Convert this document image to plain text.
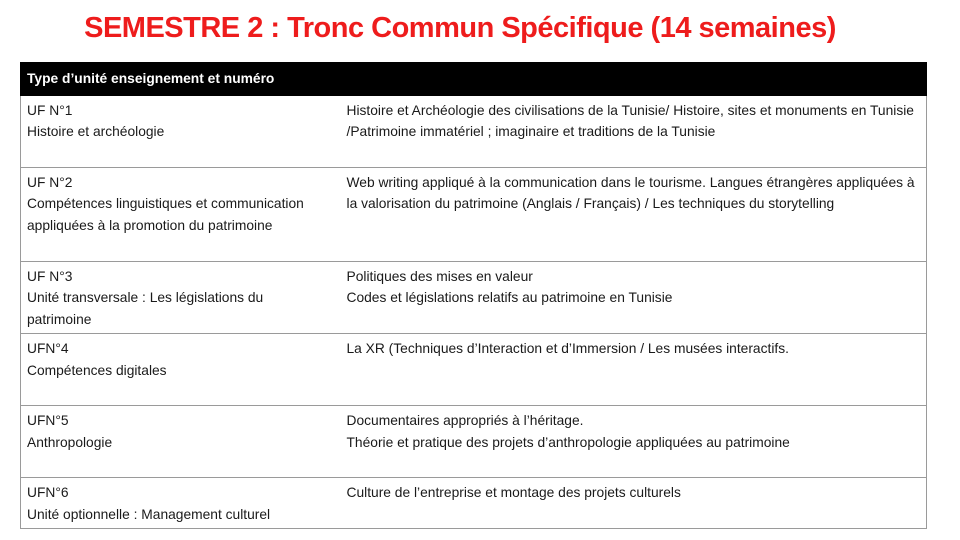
SEMESTRE 2 : Tronc Commun Spécifique (14 semaines)
Type d’unité enseignement et numéro	

UF N°1
Histoire et archéologie	Histoire et Archéologie des civilisations de la Tunisie/ Histoire, sites et monuments en Tunisie /Patrimoine immatériel ; imaginaire et traditions de la Tunisie

UF N°2
Compétences linguistiques et communication appliquées à la promotion du patrimoine	Web writing appliqué à la communication dans le tourisme. Langues étrangères appliquées à la valorisation du patrimoine (Anglais / Français) / Les techniques du storytelling

UF N°3
Unité transversale : Les législations du patrimoine	Politiques des mises en valeur
Codes et législations relatifs au patrimoine en Tunisie

UFN°4
Compétences digitales	La XR (Techniques d’Interaction et d’Immersion / Les musées interactifs.

UFN°5
Anthropologie	Documentaires appropriés à l’héritage.
Théorie et pratique des projets d’anthropologie appliquées au patrimoine

UFN°6
Unité optionnelle : Management culturel	Culture de l’entreprise et montage des projets culturels
